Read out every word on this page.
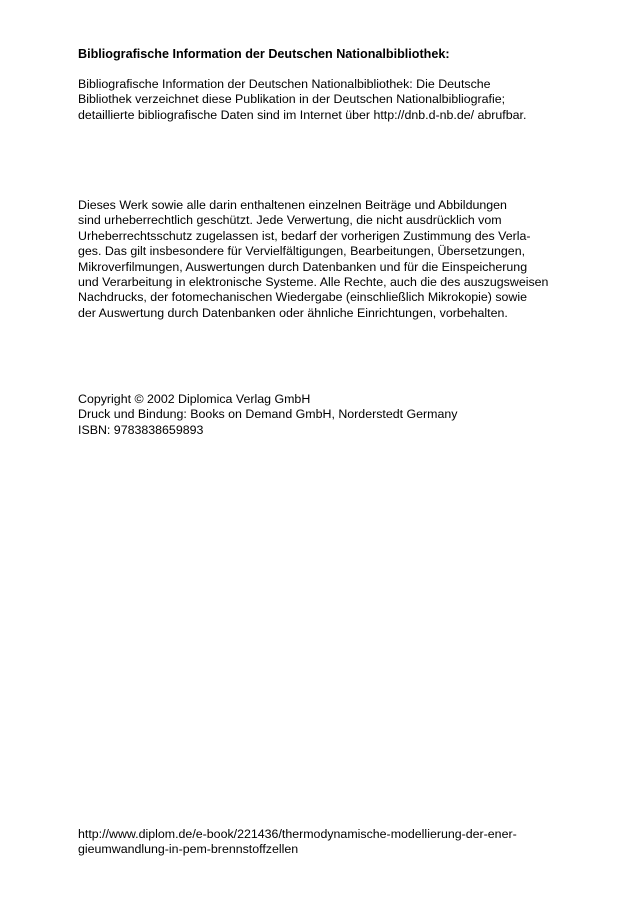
Bibliografische Information der Deutschen Nationalbibliothek:
Bibliografische Information der Deutschen Nationalbibliothek: Die Deutsche
Bibliothek verzeichnet diese Publikation in der Deutschen Nationalbibliografie;
detaillierte bibliografische Daten sind im Internet über http://dnb.d-nb.de/ abrufbar.
Dieses Werk sowie alle darin enthaltenen einzelnen Beiträge und Abbildungen
sind urheberrechtlich geschützt. Jede Verwertung, die nicht ausdrücklich vom
Urheberrechtsschutz zugelassen ist, bedarf der vorherigen Zustimmung des Verla-
ges. Das gilt insbesondere für Vervielfältigungen, Bearbeitungen, Übersetzungen,
Mikroverfilmungen, Auswertungen durch Datenbanken und für die Einspeicherung
und Verarbeitung in elektronische Systeme. Alle Rechte, auch die des auszugsweisen
Nachdrucks, der fotomechanischen Wiedergabe (einschließlich Mikrokopie) sowie
der Auswertung durch Datenbanken oder ähnliche Einrichtungen, vorbehalten.
Copyright © 2002 Diplomica Verlag GmbH
Druck und Bindung: Books on Demand GmbH, Norderstedt Germany
ISBN: 9783838659893
http://www.diplom.de/e-book/221436/thermodynamische-modellierung-der-ener-
gieumwandlung-in-pem-brennstoffzellen
